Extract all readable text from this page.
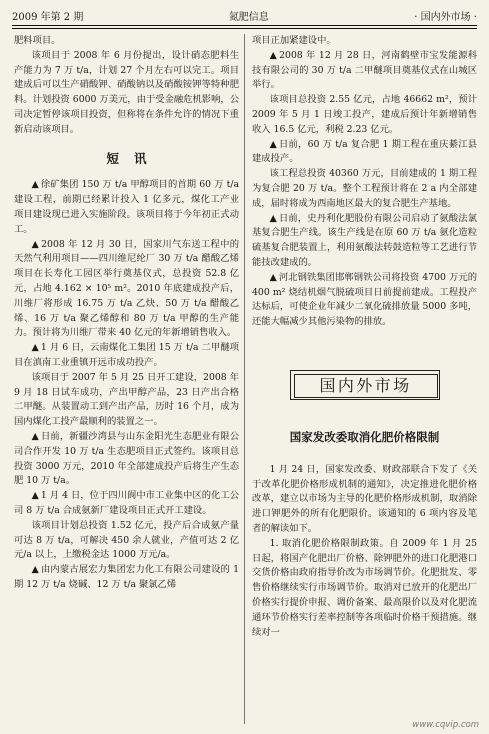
2009 年第 2 期	氮肥信息	· 国内外市场 ·

肥料项目。

该项目于 2008 年 6 月份提出，设计硝态肥料生产能力为 7 万 t/a，计划 27 个月左右可以完工。项目建成后可以生产硝酸钾、硝酸钠以及硝酸铵钾等特种肥料。计划投资 6000 万美元，由于受金融危机影响，公司决定暂停该项目投资，但称将在条件允许的情况下重新启动该项目。

短讯

▲ 徐矿集团 150 万 t/a 甲醇项目的首期 60 万 t/a 建设工程，前期已经累计投入 1 亿多元，煤化工产业项目建设现已进入实施阶段。该项目将于今年初正式动工。

▲ 2008 年 12 月 30 日，国家川气东送工程中的天然气利用项目——四川维尼纶厂 30 万 t/a 醋酸乙烯项目在长寿化工园区举行奠基仪式，总投资 52.8 亿元，占地 4.162 × 10⁵ m²。2010 年底建成投产后，川维厂将形成 16.75 万 t/a 乙炔、50 万 t/a 醋酸乙烯、16 万 t/a 聚乙烯醇和 80 万 t/a 甲醇的生产能力。预计将为川维厂带来 40 亿元的年新增销售收入。

▲ 1 月 6 日，云南煤化工集团 15 万 t/a 二甲醚项目在滇南工业重镇开远市成功投产。

该项目于 2007 年 5 月 25 日开工建设，2008 年 9 月 18 日试车成功，产出甲醇产品，23 日产出合格二甲醚。从装置动工到产出产品，历时 16 个月，成为国内煤化工投产最顺利的装置之一。

▲ 日前，新疆沙湾县与山东金阳光生态肥业有限公司合作开发 10 万 t/a 生态肥项目正式签约。该项目总投资 3000 万元，2010 年全部建成投产后将生产生态肥 10 万 t/a。

▲ 1 月 4 日，位于四川阆中市工业集中区的化工公司 8 万 t/a 合成氨新厂建设项目正式开工建设。

该项目计划总投资 1.52 亿元，投产后合成氨产量可达 8 万 t/a，可解决 450 余人就业，产值可达 2 亿元/a 以上，上缴税金达 1000 万元/a。

▲ 由内蒙古展宏力集团宏力化工有限公司建设的 1 期 12 万 t/a 烧碱、12 万 t/a 聚氯乙烯

项目正加紧建设中。

▲ 2008 年 12 月 28 日，河南鹤壁市宝发能源科技有限公司的 30 万 t/a 二甲醚项目奠基仪式在山城区举行。

该项目总投资 2.55 亿元，占地 46662 m²，预计 2009 年 5 月 1 日竣工投产，建成后预计年新增销售收入 16.5 亿元，利税 2.23 亿元。

▲ 日前，60 万 t/a 复合肥 1 期工程在重庆綦江县建成投产。

该工程总投资 40360 万元，目前建成的 1 期工程为复合肥 20 万 t/a。整个工程预计将在 2 a 内全部建成，届时将成为西南地区最大的复合肥生产基地。

▲ 日前，史丹利化肥股份有限公司启动了氨酸法氯基复合肥生产线。该生产线是在原 60 万 t/a 氨化造粒硫基复合肥装置上，利用氨酸法转鼓造粒等工艺进行节能技改建成的。

▲ 河北钢铁集团邯郸钢铁公司将投资 4700 万元的 400 m² 烧结机烟气脱硫项目日前提前建成。工程投产达标后，可使企业年减少二氧化硫排放量 5000 多吨，还能大幅减少其他污染物的排放。

国内外市场
国家发改委取消化肥价格限制

1 月 24 日，国家发改委、财政部联合下发了《关于改革化肥价格形成机制的通知》，决定推进化肥价格改革，建立以市场为主导的化肥价格形成机制，取消除进口钾肥外的所有化肥限价。该通知的 6 项内容及笔者的解读如下。

1. 取消化肥价格限制政策。自 2009 年 1 月 25 日起，将国产化肥出厂价格、除钾肥外的进口化肥港口交货价格由政府指导价改为市场调节价。化肥批发、零售价格继续实行市场调节价。取消对已放开的化肥出厂价格实行提价申报、调价备案、最高限价以及对化肥流通环节价格实行差率控制等各项临时价格干预措施。继续对一

www.cqvip.com
